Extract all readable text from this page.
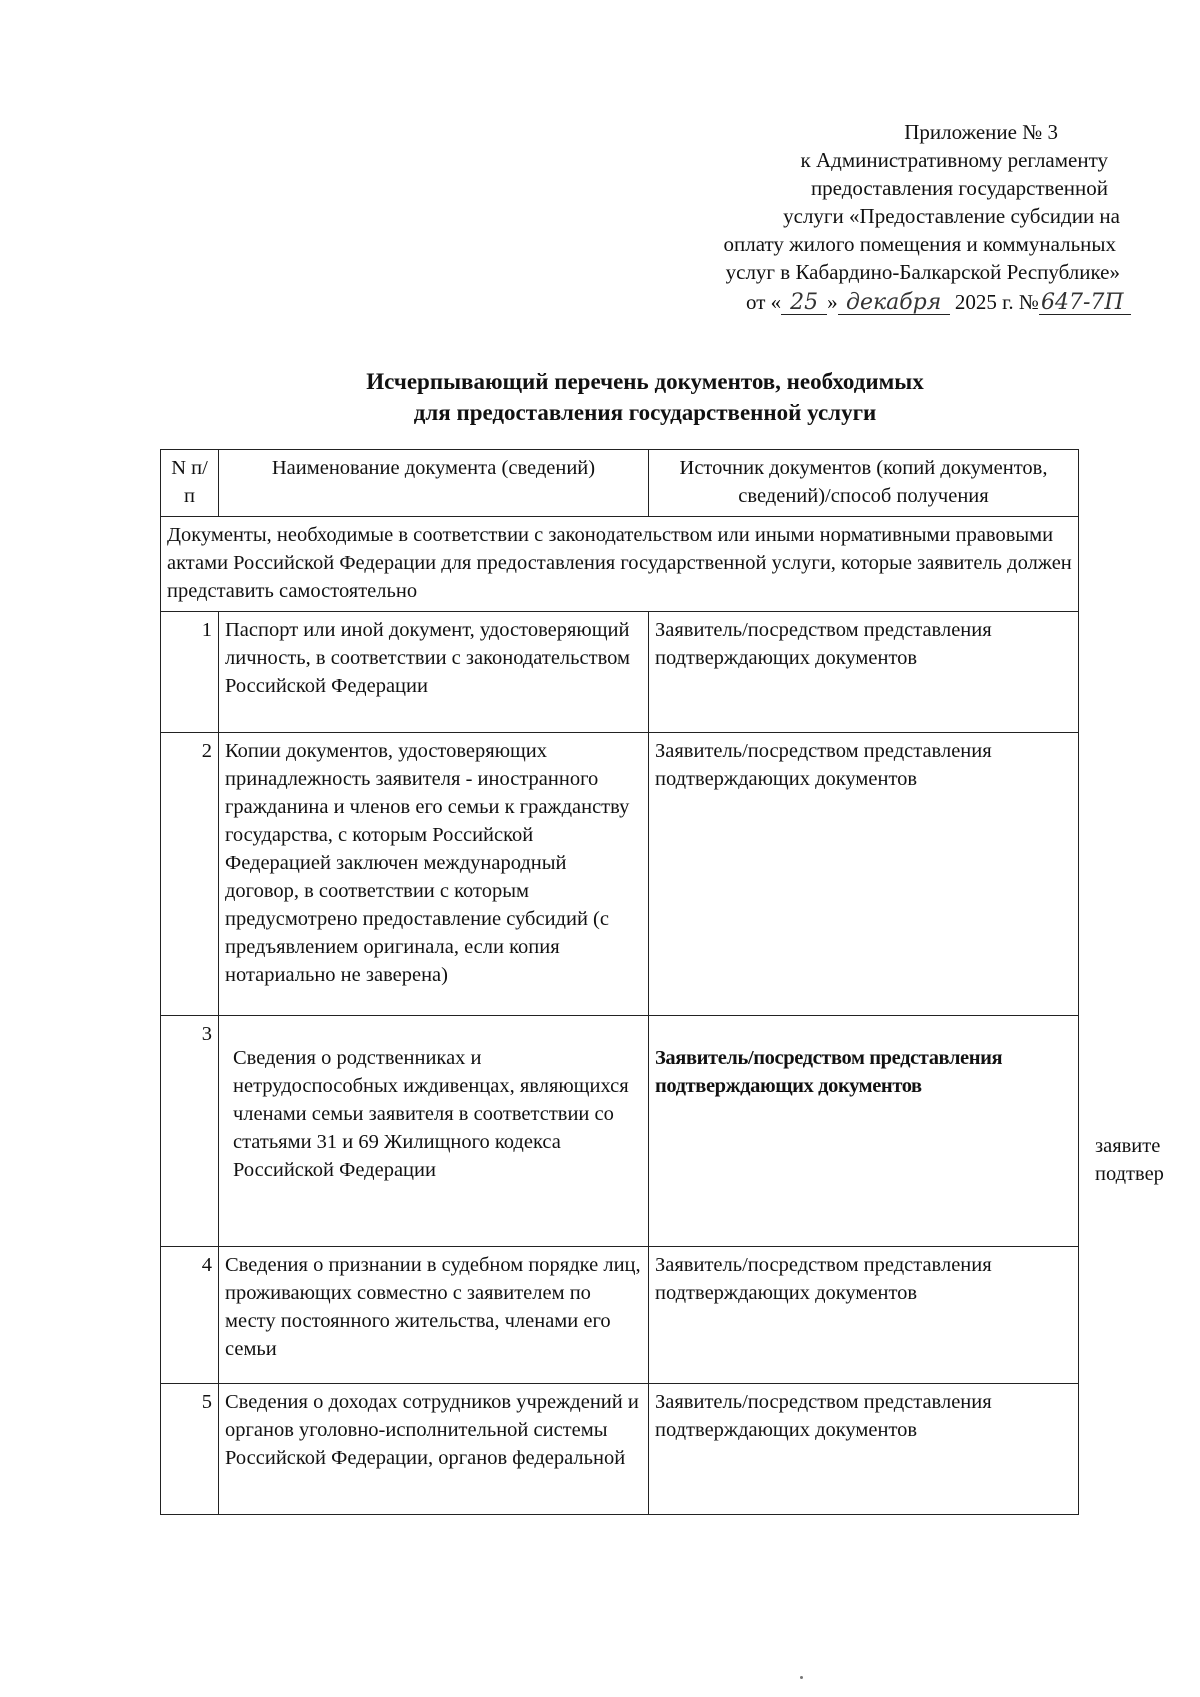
Приложение № 3
к Административному регламенту
предоставления государственной
услуги «Предоставление субсидии на
оплату жилого помещения и коммунальных
услуг в Кабардино-Балкарской Республике»
от « 25 » декабря 2025 г. №647-7П
Исчерпывающий перечень документов, необходимых
для предоставления государственной услуги
N п/п	Наименование документа (сведений)	Источник документов (копий документов, сведений)/способ получения
Документы, необходимые в соответствии с законодательством или иными нормативными правовыми актами Российской Федерации для предоставления государственной услуги, которые заявитель должен представить самостоятельно		
1	Паспорт или иной документ, удостоверяющий личность, в соответствии с законодательством Российской Федерации	Заявитель/посредством представления подтверждающих документов
2	Копии документов, удостоверяющих принадлежность заявителя - иностранного гражданина и членов его семьи к гражданству государства, с которым Российской Федерацией заключен международный договор, в соответствии с которым предусмотрено предоставление субсидий (с предъявлением оригинала, если копия нотариально не заверена)	Заявитель/посредством представления подтверждающих документов
3	Сведения о родственниках и нетрудоспособных иждивенцах, являющихся членами семьи заявителя в соответствии со статьями 31 и 69 Жилищного кодекса Российской Федерации	Заявитель/посредством представления подтверждающих документов
4	Сведения о признании в судебном порядке лиц, проживающих совместно с заявителем по месту постоянного жительства, членами его семьи	Заявитель/посредством представления подтверждающих документов
5	Сведения о доходах сотрудников учреждений и органов уголовно-исполнительной системы Российской Федерации, органов федеральной	Заявитель/посредством представления подтверждающих документов
заявите
подтвер
